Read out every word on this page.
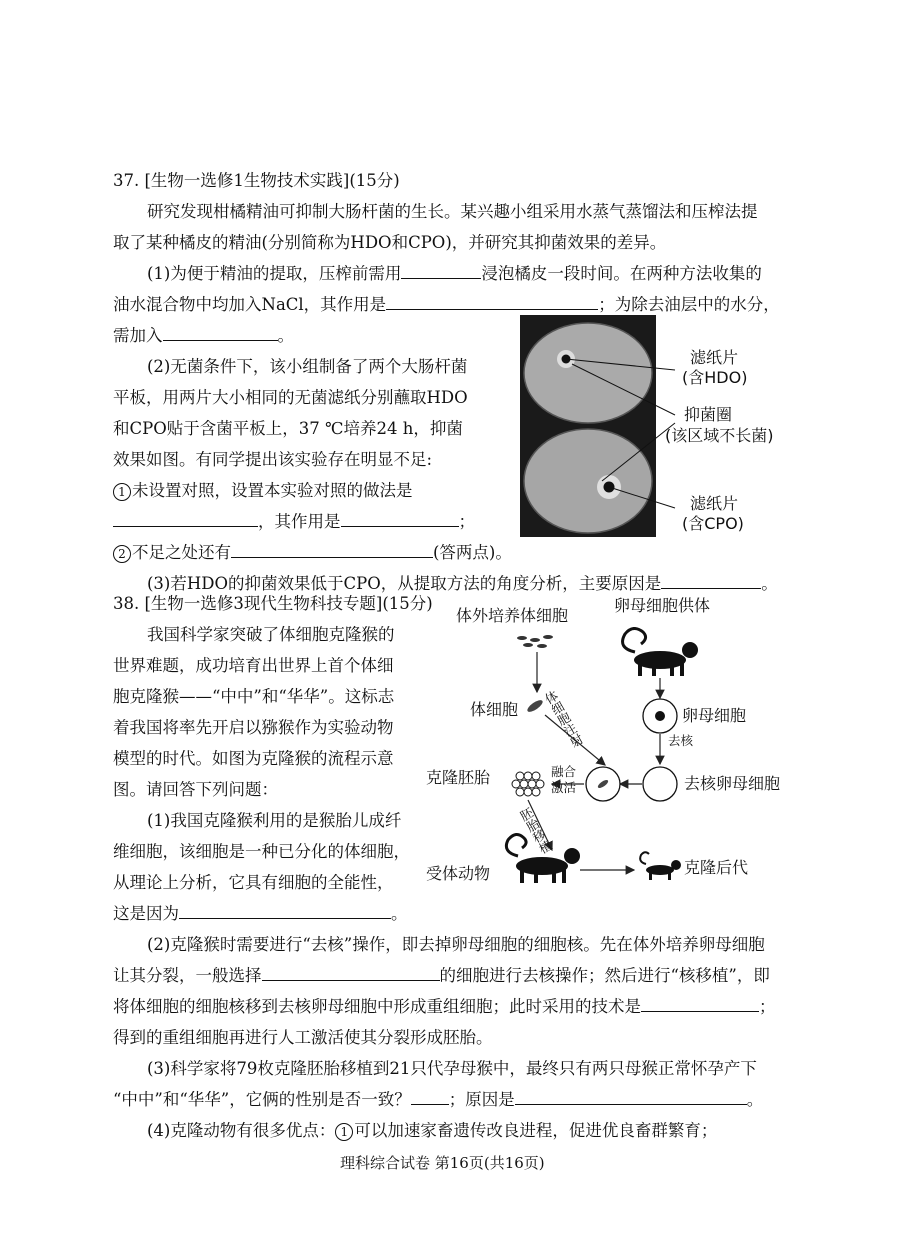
37. [生物一选修1生物技术实践](15分)
研究发现柑橘精油可抑制大肠杆菌的生长。某兴趣小组采用水蒸气蒸馏法和压榨法提
取了某种橘皮的精油(分别简称为HDO和CPO)，并研究其抑菌效果的差异。
(1)为便于精油的提取，压榨前需用	浸泡橘皮一段时间。在两种方法收集的
油水混合物中均加入NaCl，其作用是	；为除去油层中的水分，
需加入	。
(2)无菌条件下，该小组制备了两个大肠杆菌
平板，用两片大小相同的无菌滤纸分别蘸取HDO
和CPO贴于含菌平板上，37 ℃培养24 h，抑菌
效果如图。有同学提出该实验存在明显不足:
1 未设置对照，设置本实验对照的做法是
，其作用是	；
2 不足之处还有	(答两点)。
(3)若HDO的抑菌效果低于CPO，从提取方法的角度分析，主要原因是	。
滤纸片
(含HDO)
抑菌圈
(该区域不长菌)
滤纸片
(含CPO)
38. [生物一选修3现代生物科技专题](15分)
我国科学家突破了体细胞克隆猴的
世界难题，成功培育出世界上首个体细
胞克隆猴——“中中”和“华华”。这标志
着我国将率先开启以猕猴作为实验动物
模型的时代。如图为克隆猴的流程示意
图。请回答下列问题：
(1)我国克隆猴利用的是猴胎儿成纤
维细胞，该细胞是一种已分化的体细胞，
从理论上分析，它具有细胞的全能性，
这是因为	。
体外培养体细胞
卵母细胞供体
体细胞 体细胞注射	卵母细胞
去核
克隆胚胎	融合
激活	去核卵母细胞
胚胎移植
受体动物	克隆后代
(2)克隆猴时需要进行“去核”操作，即去掉卵母细胞的细胞核。先在体外培养卵母细胞
让其分裂，一般选择	的细胞进行去核操作；然后进行“核移植”，即
将体细胞的细胞核移到去核卵母细胞中形成重组细胞；此时采用的技术是	；
得到的重组细胞再进行人工激活使其分裂形成胚胎。
(3)科学家将79枚克隆胚胎移植到21只代孕母猴中，最终只有两只母猴正常怀孕产下
“中中”和“华华”，它俩的性别是否一致？ ；原因是	。
(4)克隆动物有很多优点： 1 可以加速家畜遗传改良进程，促进优良畜群繁育；
理科综合试卷 第16页(共16页)
